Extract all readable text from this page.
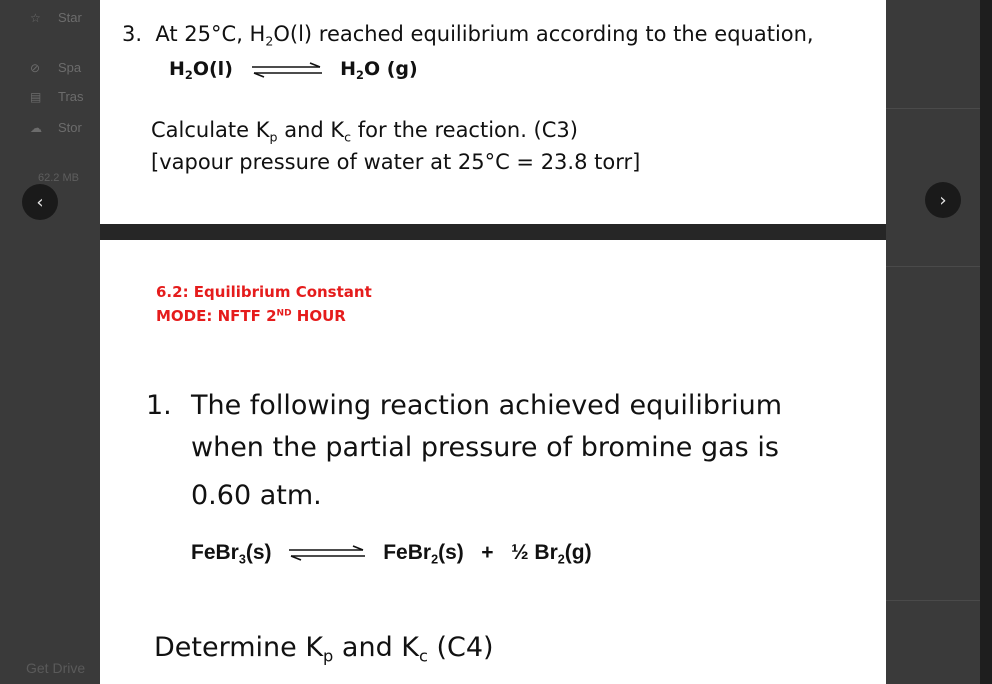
☆ Star
⊘ Spa
▤ Tras
☁ Stor
62.2 MB
Get Drive
‹	›
3. At 25°C, $H_2O(l)$ reached equilibrium according to the equation,
$H_2O(l)$ ⇌ $H_2O$ (g)
Calculate $K_p$ and $K_c$ for the reaction. (C3)
[vapour pressure of water at 25°C = 23.8 torr]
6.2: Equilibrium Constant
MODE: NFTF 2ND HOUR
1. The following reaction achieved equilibrium
when the partial pressure of bromine gas is
0.60 atm.
FeBr$_3$(s) ⇌ FeBr$_2$(s) + ½ $Br_2(g)$
Determine $K_p$ and $K_c$ (C4)
